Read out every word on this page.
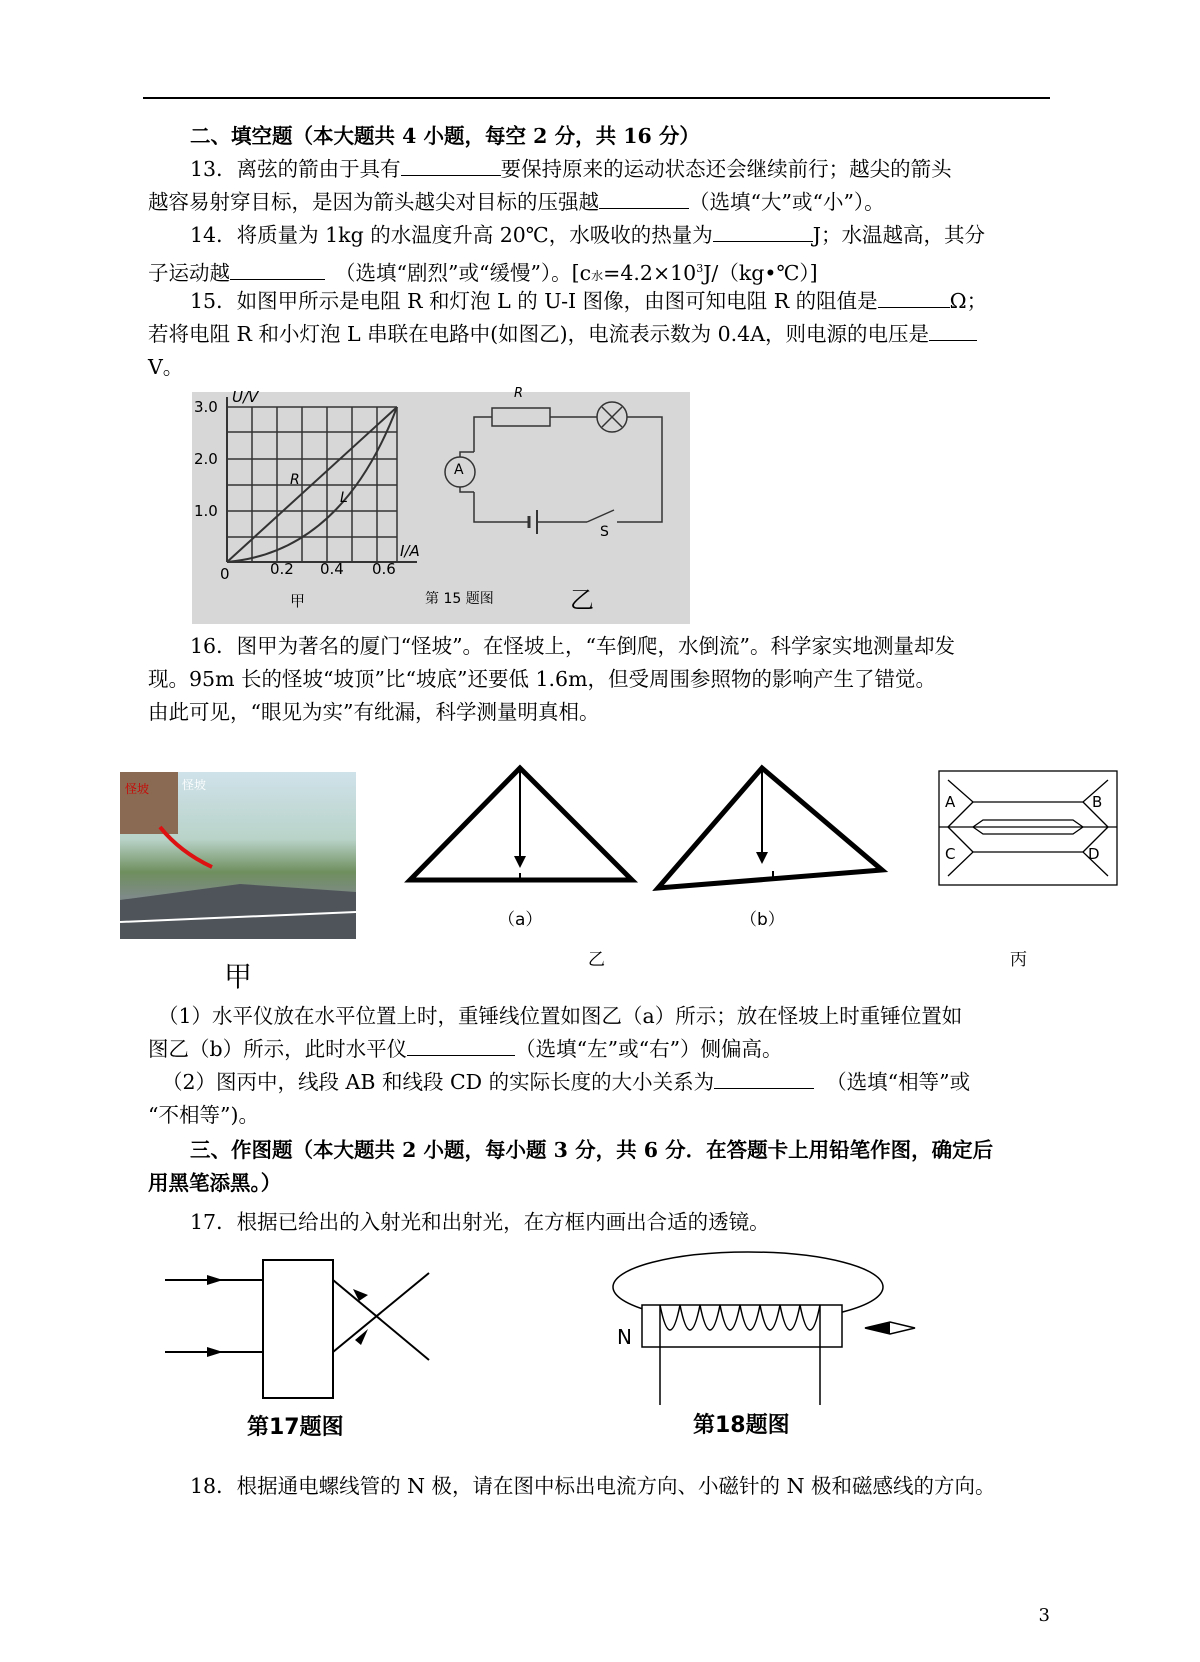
二、填空题（本大题共 4 小题，每空 2 分，共 16 分）
13．离弦的箭由于具有	要保持原来的运动状态还会继续前行；越尖的箭头
越容易射穿目标，是因为箭头越尖对目标的压强越	（选填“大”或“小”）。
14．将质量为 1kg 的水温度升高 20℃，水吸收的热量为	J；水温越高，其分
子运动越	（选填“剧烈”或“缓慢”）。[c水$=4.2\times 10^3J/(kg•℃)$]
15．如图甲所示是电阻 R 和灯泡 L 的 U-I 图像，由图可知电阻 R 的阻值是	Ω；
若将电阻 R 和小灯泡 L 串联在电路中(如图乙)，电流表示数为 0.4A，则电源的电压是
V。
U/V
I/A
3.0
2.0
1.0
0	0.2 0.4 0.6
R
L
甲	第 15 题图	乙
R
A
S
16．图甲为著名的厦门“怪坡”。在怪坡上，“车倒爬，水倒流”。科学家实地测量却发
现。95m 长的怪坡“坡顶”比“坡底”还要低 1.6m，但受周围参照物的影响产生了错觉。
由此可见，“眼见为实”有纰漏，科学测量明真相。
怪坡	怪坡
甲
（a）	（b）
乙
A	B
C	D
丙
（1）水平仪放在水平位置上时，重锤线位置如图乙（a）所示；放在怪坡上时重锤位置如
图乙（b）所示，此时水平仪	（选填“左”或“右”）侧偏高。
（2）图丙中，线段 AB 和线段 CD 的实际长度的大小关系为	（选填“相等”或
“不相等”)。
三、作图题（本大题共 2 小题，每小题 3 分，共 6 分．在答题卡上用铅笔作图，确定后
用黑笔添黑。）
17．根据已给出的入射光和出射光，在方框内画出合适的透镜。
第17题图
N
第18题图
18．根据通电螺线管的 N 极，请在图中标出电流方向、小磁针的 N 极和磁感线的方向。
3
